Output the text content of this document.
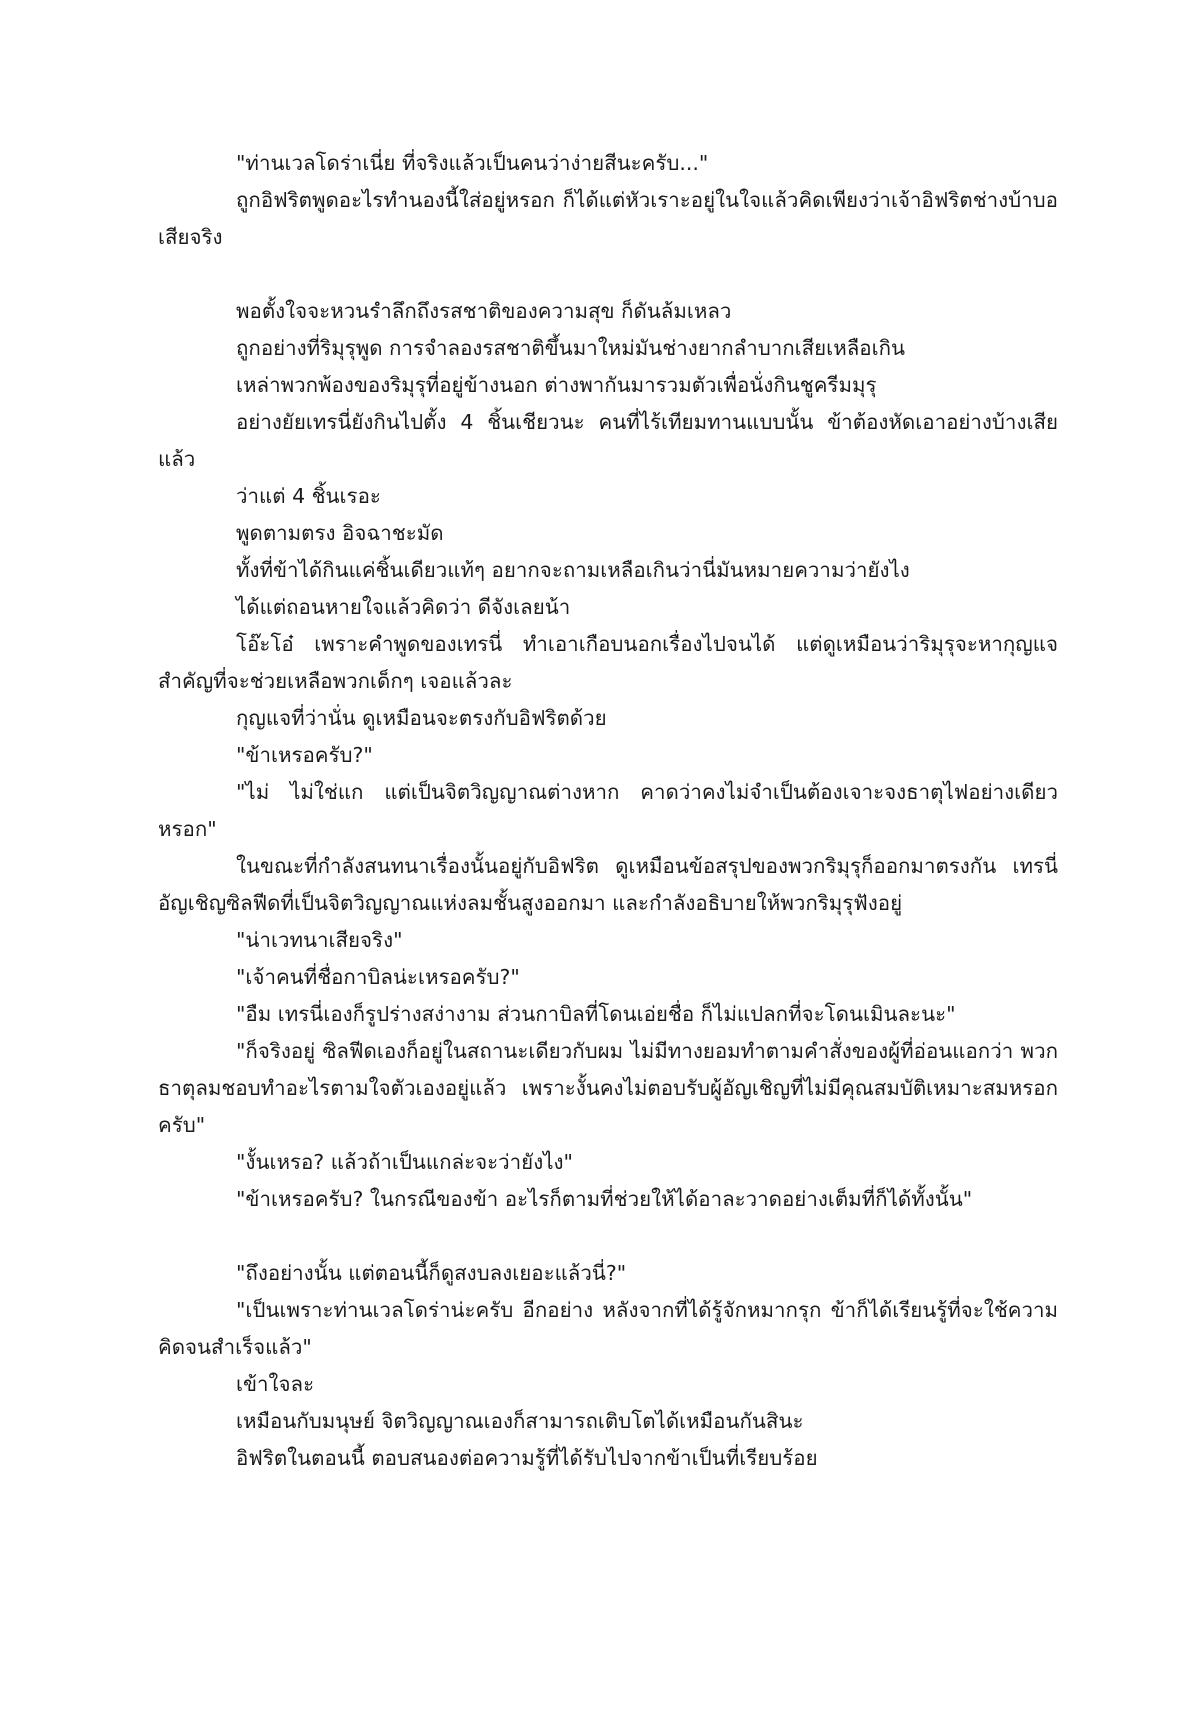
"ท่านเวลโดร่าเนี่ย ที่จริงแล้วเป็นคนว่าง่ายสีนะครับ..."

ถูกอิฟริตพูดอะไรทำนองนี้ใส่อยู่หรอก ก็ได้แต่หัวเราะอยู่ในใจแล้วคิดเพียงว่าเจ้าอิฟริตช่างบ้าบอเสียจริง

พอตั้งใจจะหวนรำลึกถึงรสชาติของความสุข ก็ดันล้มเหลว

ถูกอย่างที่ริมุรุพูด การจำลองรสชาติขึ้นมาใหม่มันช่างยากลำบากเสียเหลือเกิน

เหล่าพวกพ้องของริมุรุที่อยู่ข้างนอก ต่างพากันมารวมตัวเพื่อนั่งกินชูครีมมุรุ

อย่างยัยเทรนี่ยังกินไปตั้ง 4 ชิ้นเชียวนะ คนที่ไร้เทียมทานแบบนั้น ข้าต้องหัดเอาอย่างบ้างเสียแล้ว

ว่าแต่ 4 ชิ้นเรอะ

พูดตามตรง อิจฉาชะมัด

ทั้งที่ข้าได้กินแค่ชิ้นเดียวแท้ๆ อยากจะถามเหลือเกินว่านี่มันหมายความว่ายังไง

ได้แต่ถอนหายใจแล้วคิดว่า ดีจังเลยน้า

โอ๊ะโอ๋ เพราะคำพูดของเทรนี่ ทำเอาเกือบนอกเรื่องไปจนได้ แต่ดูเหมือนว่าริมุรุจะหากุญแจสำคัญที่จะช่วยเหลือพวกเด็กๆ เจอแล้วละ

กุญแจที่ว่านั่น ดูเหมือนจะตรงกับอิฟริตด้วย

"ข้าเหรอครับ?"

"ไม่ ไม่ใช่แก แต่เป็นจิตวิญญาณต่างหาก คาดว่าคงไม่จำเป็นต้องเจาะจงธาตุไฟอย่างเดียวหรอก"

ในขณะที่กำลังสนทนาเรื่องนั้นอยู่กับอิฟริต ดูเหมือนข้อสรุปของพวกริมุรุก็ออกมาตรงกัน เทรนี่อัญเชิญซิลฟีดที่เป็นจิตวิญญาณแห่งลมชั้นสูงออกมา และกำลังอธิบายให้พวกริมุรุฟังอยู่

"น่าเวทนาเสียจริง"

"เจ้าคนที่ชื่อกาบิลน่ะเหรอครับ?"

"อืม เทรนี่เองก็รูปร่างสง่างาม ส่วนกาบิลที่โดนเอ่ยชื่อ ก็ไม่แปลกที่จะโดนเมินละนะ"

"ก็จริงอยู่ ซิลฟีดเองก็อยู่ในสถานะเดียวกับผม ไม่มีทางยอมทำตามคำสั่งของผู้ที่อ่อนแอกว่า พวกธาตุลมชอบทำอะไรตามใจตัวเองอยู่แล้ว เพราะงั้นคงไม่ตอบรับผู้อัญเชิญที่ไม่มีคุณสมบัติเหมาะสมหรอกครับ"

"งั้นเหรอ? แล้วถ้าเป็นแกล่ะจะว่ายังไง"

"ข้าเหรอครับ? ในกรณีของข้า อะไรก็ตามที่ช่วยให้ได้อาละวาดอย่างเต็มที่ก็ได้ทั้งนั้น"

"ถึงอย่างนั้น แต่ตอนนี้ก็ดูสงบลงเยอะแล้วนี่?"

"เป็นเพราะท่านเวลโดร่าน่ะครับ อีกอย่าง หลังจากที่ได้รู้จักหมากรุก ข้าก็ได้เรียนรู้ที่จะใช้ความคิดจนสำเร็จแล้ว"

เข้าใจละ

เหมือนกับมนุษย์ จิตวิญญาณเองก็สามารถเติบโตได้เหมือนกันสินะ

อิฟริตในตอนนี้ ตอบสนองต่อความรู้ที่ได้รับไปจากข้าเป็นที่เรียบร้อย
